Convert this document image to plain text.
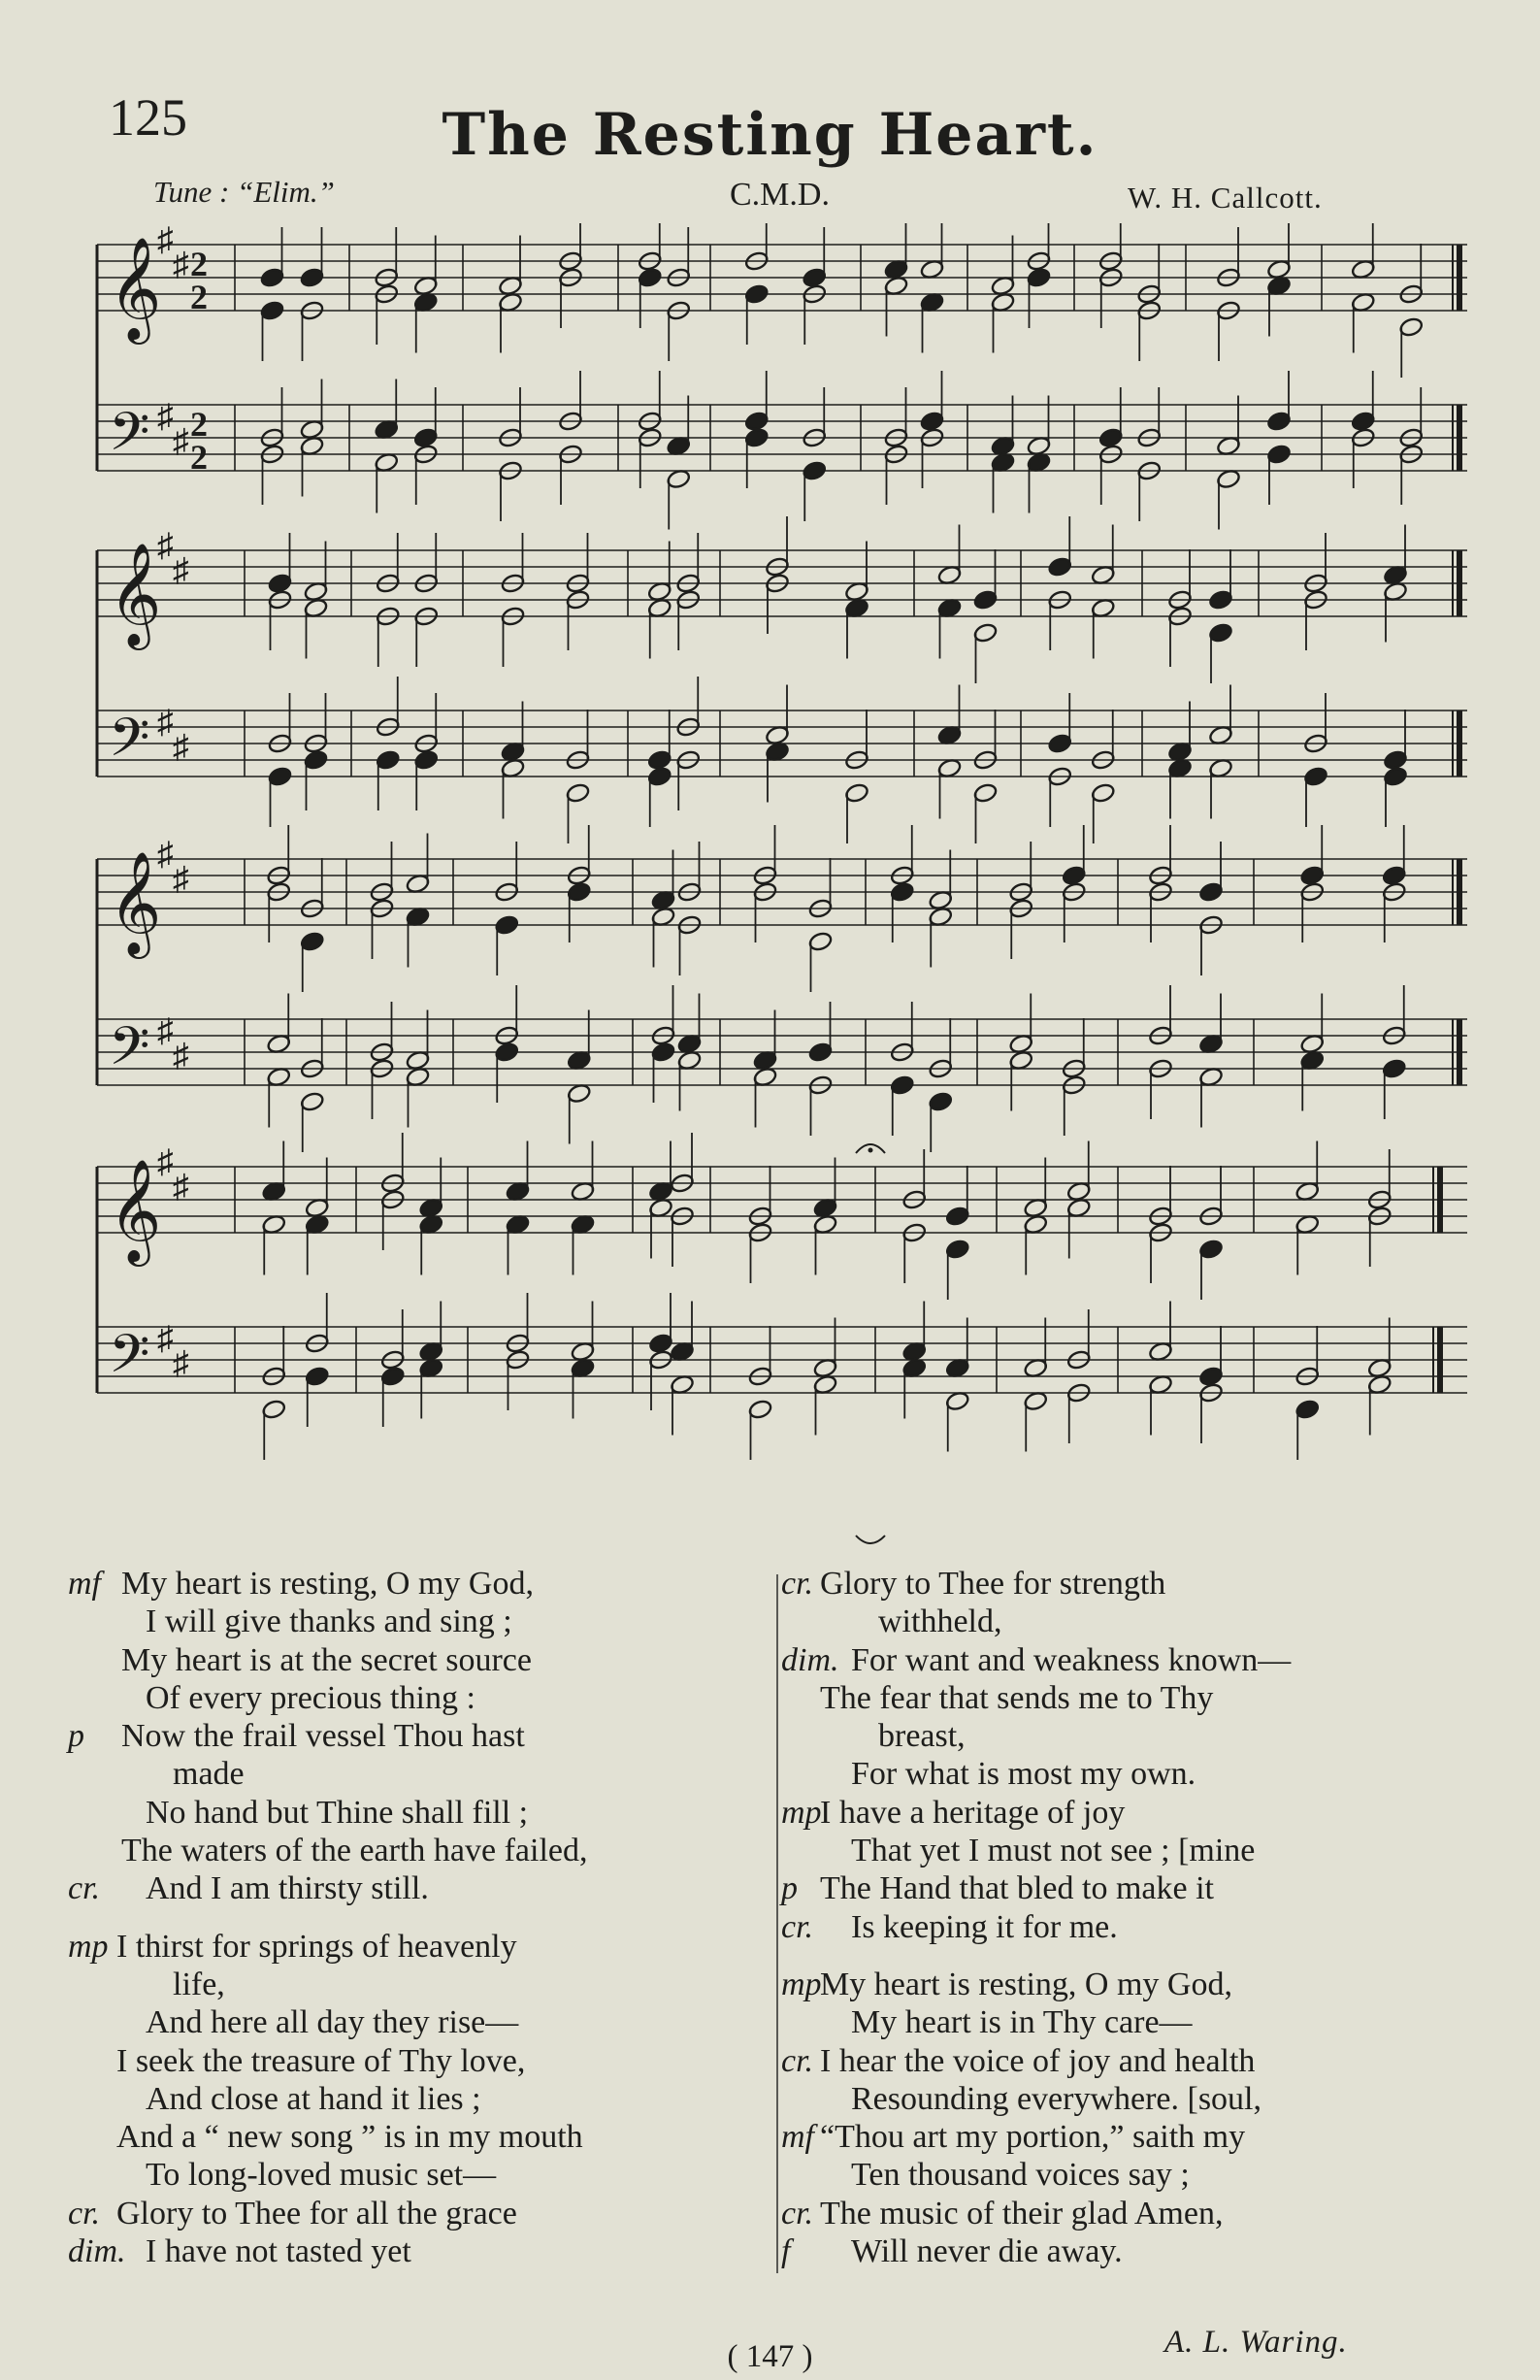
125	The Resting Heart.
Tune : “Elim.”	C.M.D.	W. H. Callcott.
𝄞
♯
♯ 2
2
𝄢 ♯
♯ 2
2
𝄞
♯
♯
𝄢 ♯
♯
𝄞
♯
♯
𝄢 ♯
♯
𝄞
♯
♯
𝄢 ♯
♯
mf My heart is resting, O my God,
I will give thanks and sing ;
My heart is at the secret source
Of every precious thing :
p Now the frail vessel Thou hast
made
No hand but Thine shall fill ;
The waters of the earth have failed,
cr. And I am thirsty still.
mp I thirst for springs of heavenly
life,
And here all day they rise—
I seek the treasure of Thy love,
And close at hand it lies ;
And a “ new song ” is in my mouth
To long-loved music set—
cr. Glory to Thee for all the grace
dim. I have not tasted yet
cr. Glory to Thee for strength
withheld,
dim. For want and weakness known—
The fear that sends me to Thy
breast,
For what is most my own.
mp
I have a heritage of joy
That yet I must not see ; [mine
p The Hand that bled to make it
cr. Is keeping it for me.
mp
My heart is resting, O my God,
My heart is in Thy care—
cr. I hear the voice of joy and health
Resounding everywhere. [soul,
mf “Thou art my portion,” saith my
Ten thousand voices say ;
cr. The music of their glad Amen,
f Will never die away.
A. L. Waring.
( 147 )
